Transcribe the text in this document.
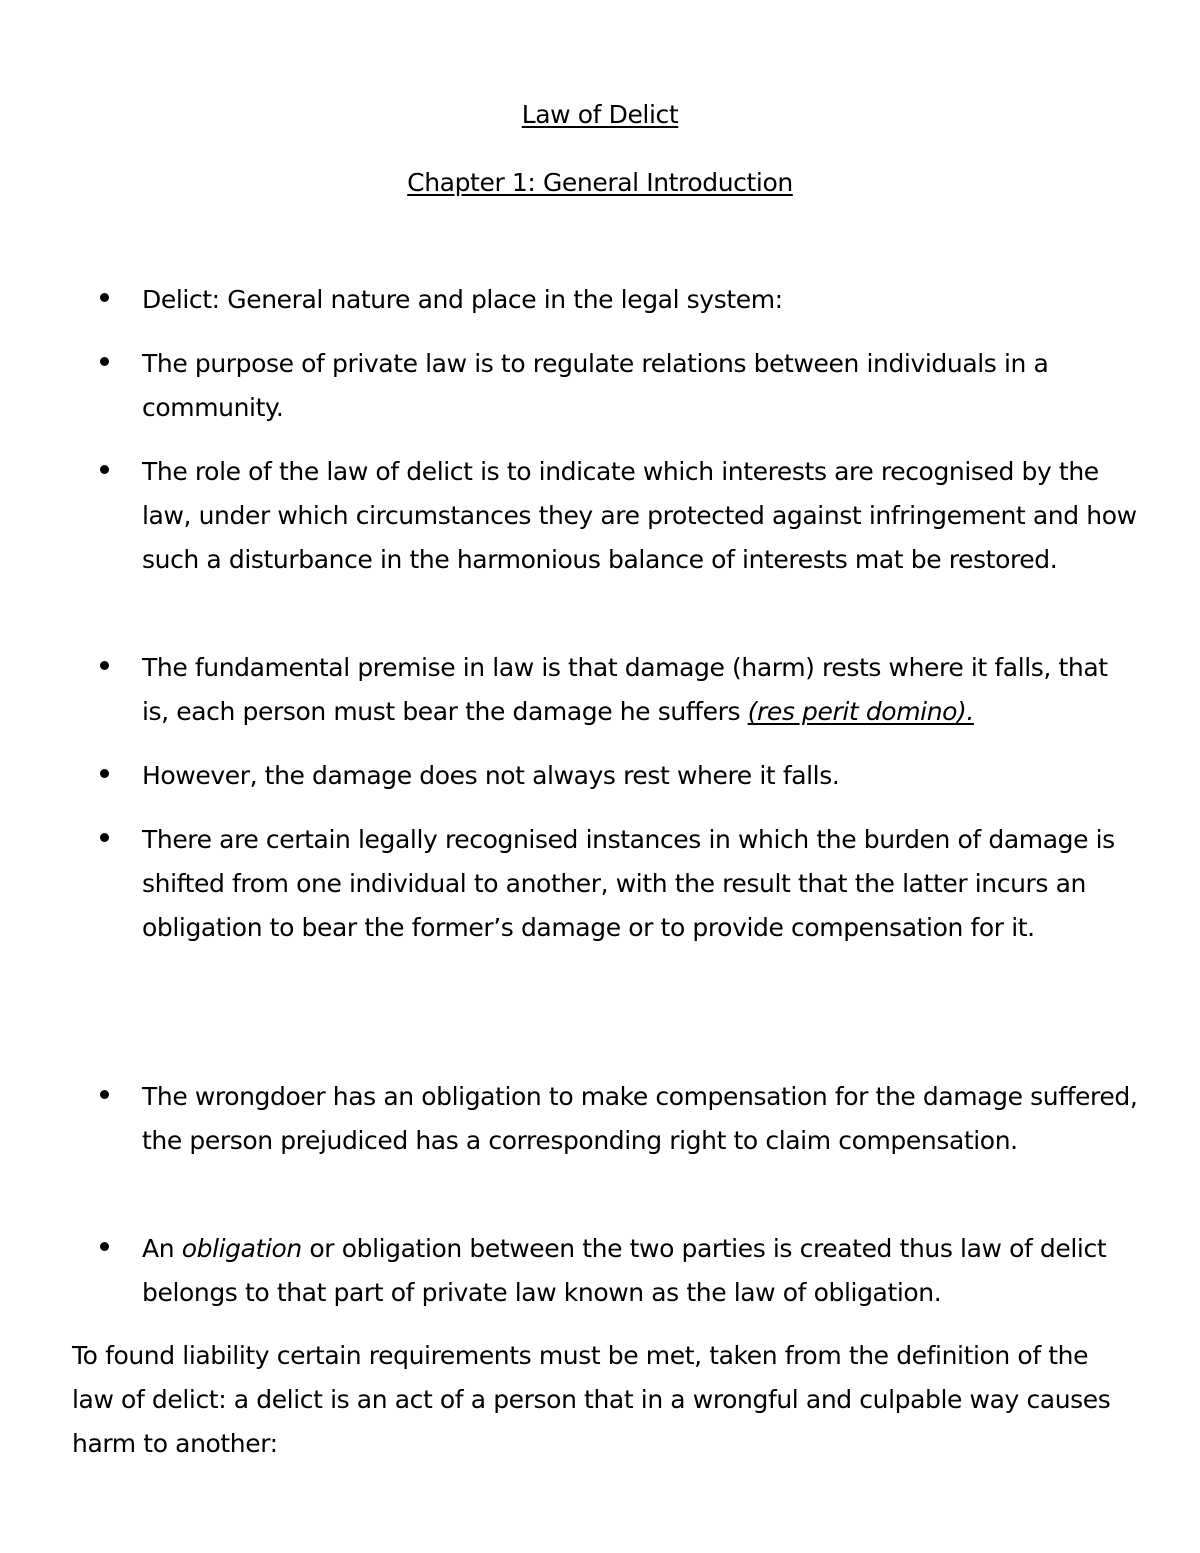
Law of Delict
Chapter 1: General Introduction
Delict: General nature and place in the legal system:
The purpose of private law is to regulate relations between individuals in a community.
The role of the law of delict is to indicate which interests are recognised by the law, under which circumstances they are protected against infringement and how such a disturbance in the harmonious balance of interests mat be restored.
The fundamental premise in law is that damage (harm) rests where it falls, that is, each person must bear the damage he suffers (res perit domino).
However, the damage does not always rest where it falls.
There are certain legally recognised instances in which the burden of damage is shifted from one individual to another, with the result that the latter incurs an obligation to bear the former’s damage or to provide compensation for it.
The wrongdoer has an obligation to make compensation for the damage suffered, the person prejudiced has a corresponding right to claim compensation.
An obligation or obligation between the two parties is created thus law of delict belongs to that part of private law known as the law of obligation.
To found liability certain requirements must be met, taken from the definition of the law of delict: a delict is an act of a person that in a wrongful and culpable way causes harm to another:
